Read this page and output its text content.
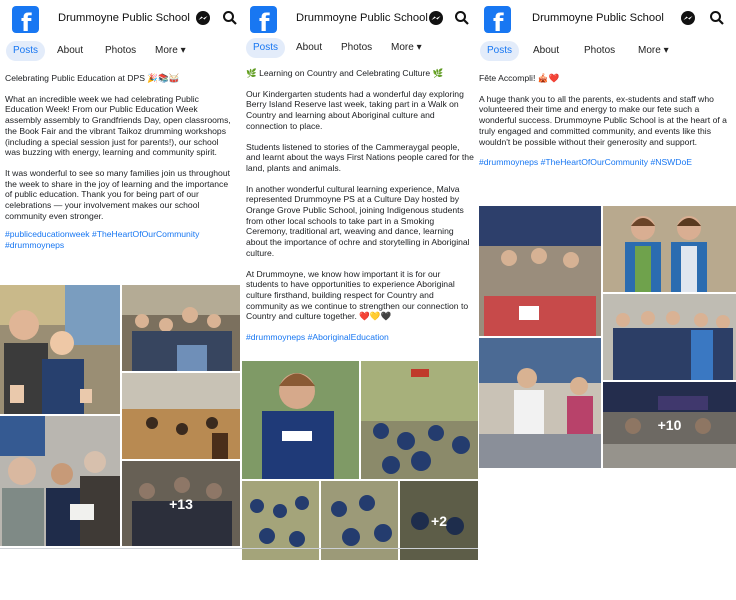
f Drummoyne Public School
Posts	About	Photos	More ▾

Celebrating Public Education at DPS 🎉📚🥁

What an incredible week we had celebrating Public Education Week! From our Public Education Week assembly assembly to Grandfriends Day, open classrooms, the Book Fair and the vibrant Taikoz drumming workshops (including a special session just for parents!), our school was buzzing with energy, learning and community spirit.

It was wonderful to see so many families join us throughout the week to share in the joy of learning and the importance of public education. Thank you for being part of our celebrations — your involvement makes our school community even stronger.

#publiceducationweek #TheHeartOfOurCommunity #drummoyneps

+13
f Drummoyne Public School
Posts	About	Photos	More ▾

🌿 Learning on Country and Celebrating Culture 🌿

Our Kindergarten students had a wonderful day exploring Berry Island Reserve last week, taking part in a Walk on Country and learning about Aboriginal culture and connection to place.

Students listened to stories of the Cammeraygal people, and learnt about the ways First Nations people cared for the land, plants and animals.

In another wonderful cultural learning experience, Malva represented Drummoyne PS at a Culture Day hosted by Orange Grove Public School, joining Indigenous students from other local schools to take part in a Smoking Ceremony, traditional art, weaving and dance, learning about the importance of ochre and storytelling in Aboriginal culture.

At Drummoyne, we know how important it is for our students to have opportunities to experience Aboriginal culture firsthand, building respect for Country and community as we continue to strengthen our connection to Country and culture together. ❤️💛🖤

#drummoyneps #AboriginalEducation

+2
f	Drummoyne Public School
Posts	About	Photos	More ▾

Fête Accompli! 🎪❤️

A huge thank you to all the parents, ex-students and staff who volunteered their time and energy to make our fete such a wonderful success. Drummoyne Public School is at the heart of a truly engaged and committed community, and events like this wouldn't be possible without their generosity and support.

#drummoyneps #TheHeartOfOurCommunity #NSWDoE

+10
